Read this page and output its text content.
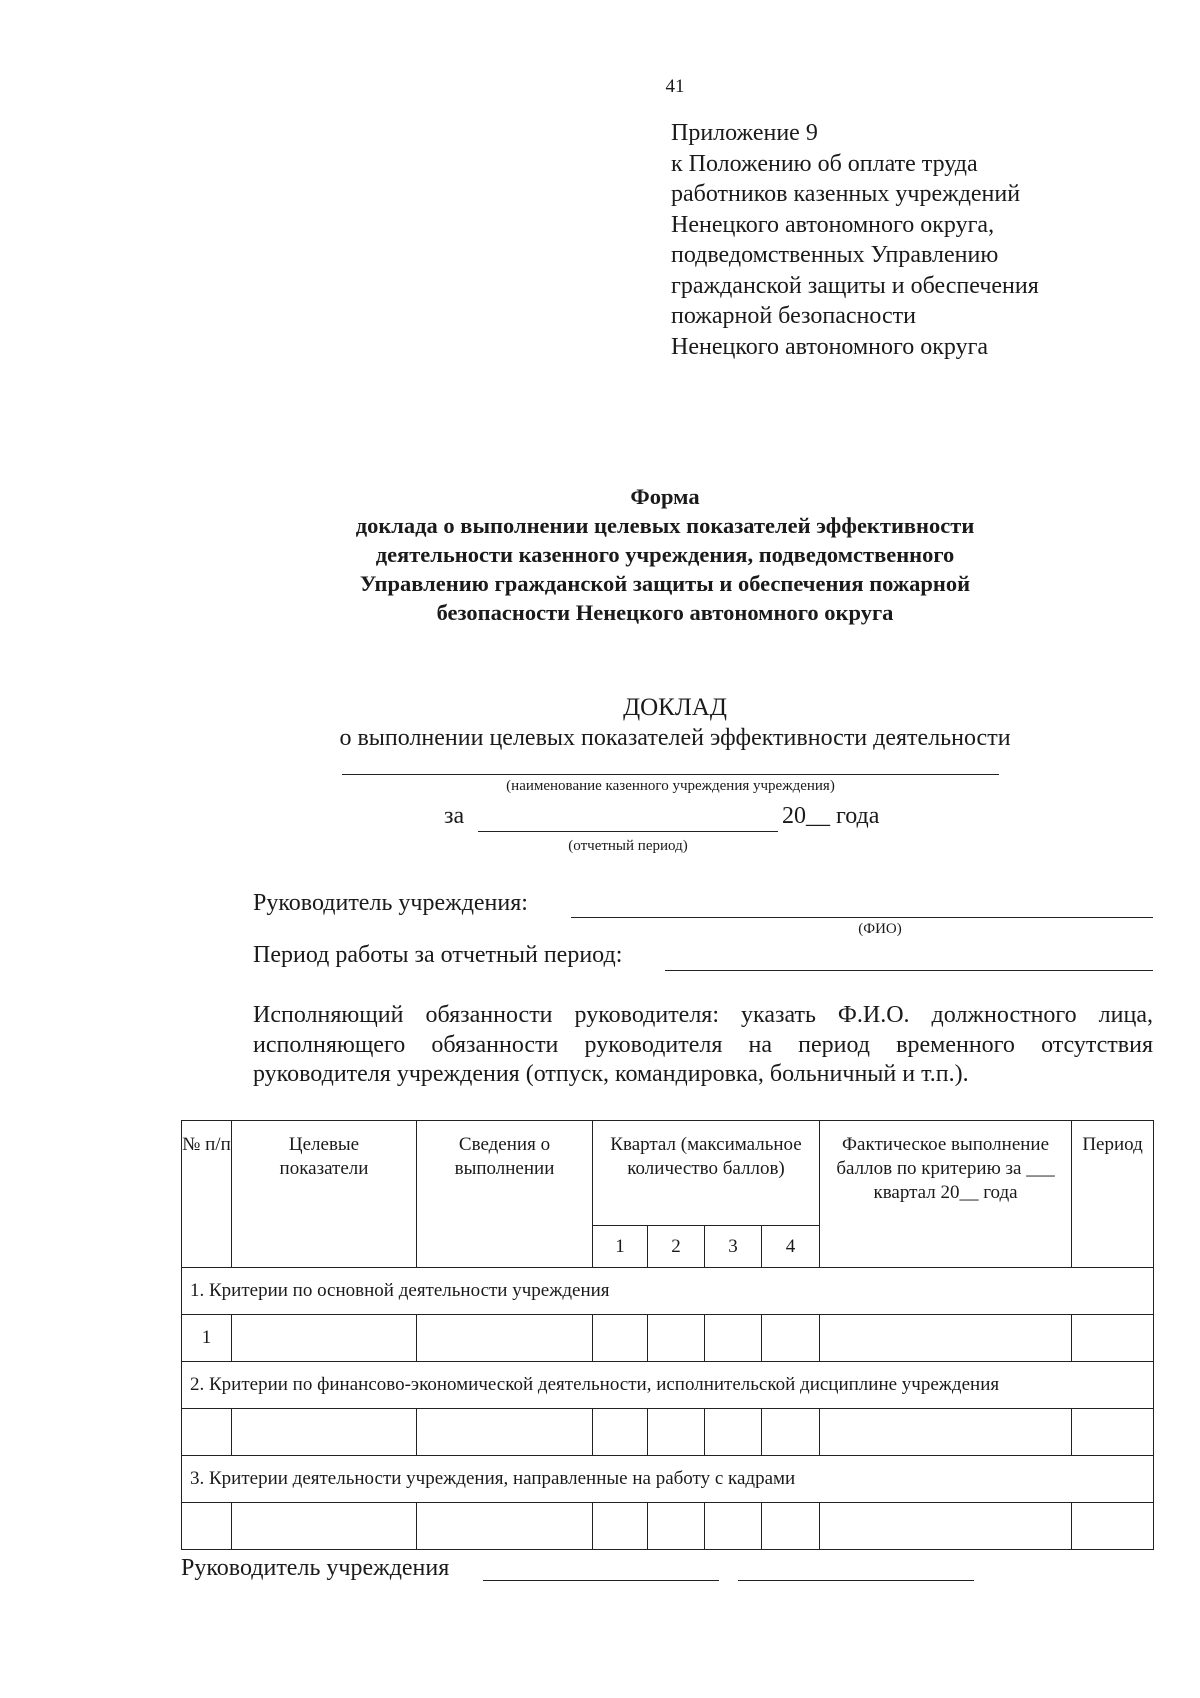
41
Приложение 9
к Положению об оплате труда
работников казенных учреждений
Ненецкого автономного округа,
подведомственных Управлению
гражданской защиты и обеспечения
пожарной безопасности
Ненецкого автономного округа
Форма
доклада о выполнении целевых показателей эффективности
деятельности казенного учреждения, подведомственного
Управлению гражданской защиты и обеспечения пожарной
безопасности Ненецкого автономного округа
ДОКЛАД
о выполнении целевых показателей эффективности деятельности
(наименование казенного учреждения учреждения)
за	20__ года
(отчетный период)
Руководитель учреждения:
(ФИО)
Период работы за отчетный период:
Исполняющий обязанности руководителя: указать Ф.И.О. должностного лица, исполняющего обязанности руководителя на период временного отсутствия руководителя учреждения (отпуск, командировка, больничный и т.п.).
№ п/п	Целевые показатели	Сведения о выполнении	Квартал (максимальное количество баллов)				Фактическое выполнение баллов по критерию за ___ квартал 20__ года	Период
			1	2	3	4		
1. Критерии по основной деятельности учреждения								
1								
2. Критерии по финансово-экономической деятельности, исполнительской дисциплине учреждения								

3. Критерии деятельности учреждения, направленные на работу с кадрами								

Руководитель учреждения
